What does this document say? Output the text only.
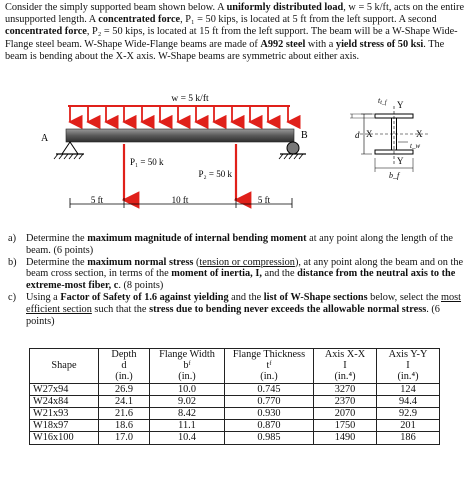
Consider the simply supported beam shown below. A uniformly distributed load, w = 5 k/ft, acts on the entire unsupported length. A concentrated force, P₁ = 50 kips, is located at 5 ft from the left support. A second concentrated force, P₂ = 50 kips, is located at 15 ft from the left support. The beam will be a W-Shape Wide-Flange steel beam. W-Shape Wide-Flange beams are made of A992 steel with a yield stress of 50 ksi. The beam is bending about the X-X axis. W-Shape beams are symmetric about either axis.
w = 5 k/ft
A	B
P₁ = 50 k
P₂ = 50 k
5 ft	10 ft	5 ft
tt_f Y
X	X
d
t_w
Y
b_f
a) Determine the maximum magnitude of internal bending moment at any point along the length of the beam. (6 points)
b) Determine the maximum normal stress (tension or compression), at any point along the beam and on the beam cross section, in terms of the moment of inertia, I, and the distance from the neutral axis to the extreme-most fiber, c. (8 points)
c) Using a Factor of Safety of 1.6 against yielding and the list of W-Shape sections below, select the most efficient section such that the stress due to bending never exceeds the allowable normal stress. (6 points)
Shape	Depth
d
(in.)	Flange Width
bᶠ
(in.)	Flange Thickness
tᶠ
(in.)	Axis X-X
I
(in.⁴)	Axis Y-Y
I
(in.⁴)

W27x94	26.9	10.0	0.745	3270	124
W24x84	24.1	9.02	0.770	2370	94.4
W21x93	21.6	8.42	0.930	2070	92.9
W18x97	18.6	11.1	0.870	1750	201
W16x100	17.0	10.4	0.985	1490	186
